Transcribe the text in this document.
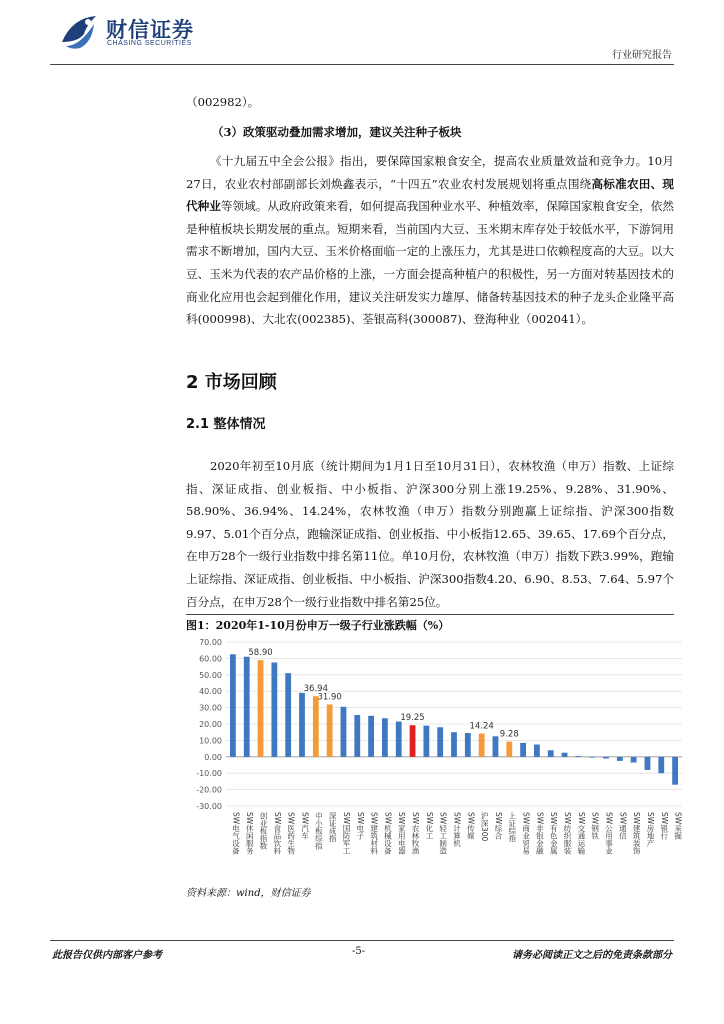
财信证券
CHASING SECURITIES
行业研究报告
（002982）。
（3）政策驱动叠加需求增加，建议关注种子板块
《十九届五中全会公报》指出，要保障国家粮食安全，提高农业质量效益和竞争力。10月27日，农业农村部副部长刘焕鑫表示，“十四五”农业农村发展规划将重点围绕高标准农田、现代种业等领域。从政府政策来看，如何提高我国种业水平、种植效率，保障国家粮食安全，依然是种植板块长期发展的重点。短期来看，当前国内大豆、玉米期末库存处于较低水平，下游饲用需求不断增加，国内大豆、玉米价格面临一定的上涨压力，尤其是进口依赖程度高的大豆。以大豆、玉米为代表的农产品价格的上涨，一方面会提高种植户的积极性，另一方面对转基因技术的商业化应用也会起到催化作用，建议关注研发实力雄厚、储备转基因技术的种子龙头企业隆平高科(000998)、大北农(002385)、荃银高科(300087)、登海种业（002041）。
2 市场回顾
2.1 整体情况
2020年初至10月底（统计期间为1月1日至10月31日），农林牧渔（申万）指数、上证综指、深证成指、创业板指、中小板指、沪深300分别上涨19.25%、9.28%、31.90%、58.90%、36.94%、14.24%，农林牧渔（申万）指数分别跑赢上证综指、沪深300指数9.97、5.01个百分点，跑输深证成指、创业板指、中小板指12.65、39.65、17.69个百分点，在申万28个一级行业指数中排名第11位。单10月份，农林牧渔（申万）指数下跌3.99%，跑输上证综指、深证成指、创业板指、中小板指、沪深300指数4.20、6.90、8.53、7.64、5.97个百分点，在申万28个一级行业指数中排名第25位。
图1：2020年1-10月份申万一级子行业涨跌幅（%）
70.00
60.00
50.00
40.00
30.00
20.00
10.00
0.00
-10.00
-20.00
-30.00
SW电气设备 SW休闲服务 创业板指数 SW食品饮料 SW医药生物 SW汽车 中小板综指 深证成指 SW国防军工 SW电子 SW建筑材料 SW机械设备 SW家用电器 SW农林牧渔 SW化工 SW轻工制造 SW计算机 SW传媒 沪深300 SW综合 上证综指 SW商业贸易 SW非银金融 SW有色金属 SW纺织服装 SW交通运输 SW钢铁 SW公用事业 SW通信 SW建筑装饰 SW房地产 SW银行 SW采掘
58.90
36.94
31.90
19.25
14.24
9.28
资料来源：wind，财信证券
此报告仅供内部客户参考	-5-	请务必阅读正文之后的免责条款部分
